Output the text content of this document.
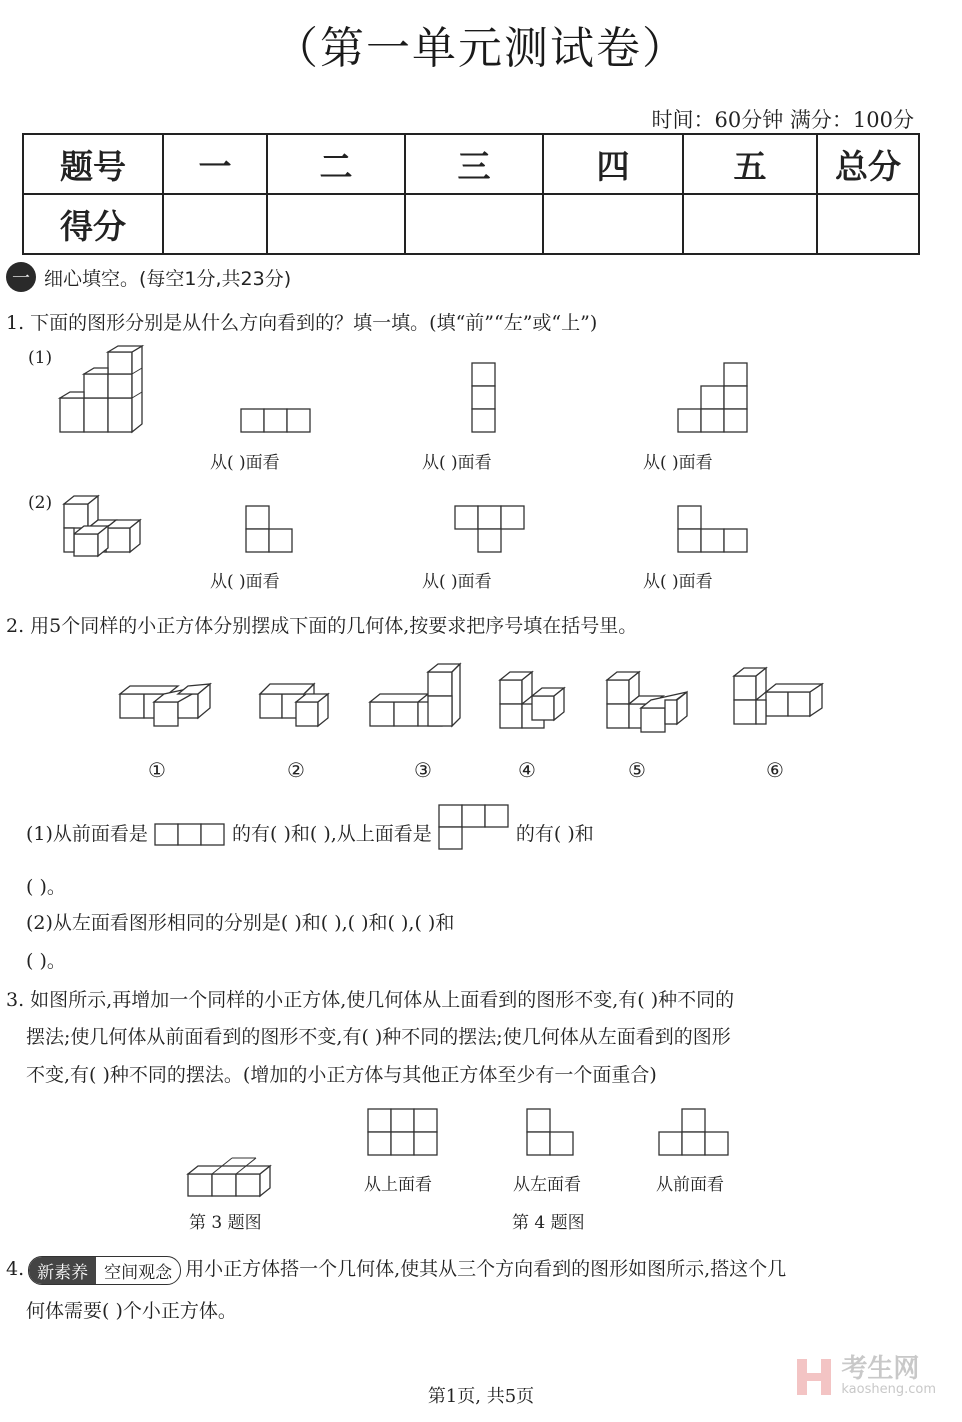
（第一单元测试卷）
时间：60分钟 满分：100分
题号	一	二	三	四	五	总分
得分						
一 细心填空。(每空1分,共23分)
1. 下面的图形分别是从什么方向看到的？填一填。(填“前”“左”或“上”)
(1)
从( )面看	从( )面看	从( )面看
(2)
从( )面看	从( )面看	从( )面看
2. 用5个同样的小正方体分别摆成下面的几何体,按要求把序号填在括号里。
①	②	③	④	⑤	⑥
(1)从前面看是	的有( )和( ),从上面看是	的有( )和
( )。
(2)从左面看图形相同的分别是( )和( ),( )和( ),( )和
( )。
3. 如图所示,再增加一个同样的小正方体,使几何体从上面看到的图形不变,有( )种不同的
摆法;使几何体从前面看到的图形不变,有( )种不同的摆法;使几何体从左面看到的图形
不变,有( )种不同的摆法。(增加的小正方体与其他正方体至少有一个面重合)
第 3 题图
从上面看	从左面看	从前面看
第 4 题图
4. 新素养 空间观念 用小正方体搭一个几何体,使其从三个方向看到的图形如图所示,搭这个几
何体需要( )个小正方体。
第1页, 共5页
考生网
kaosheng.com
